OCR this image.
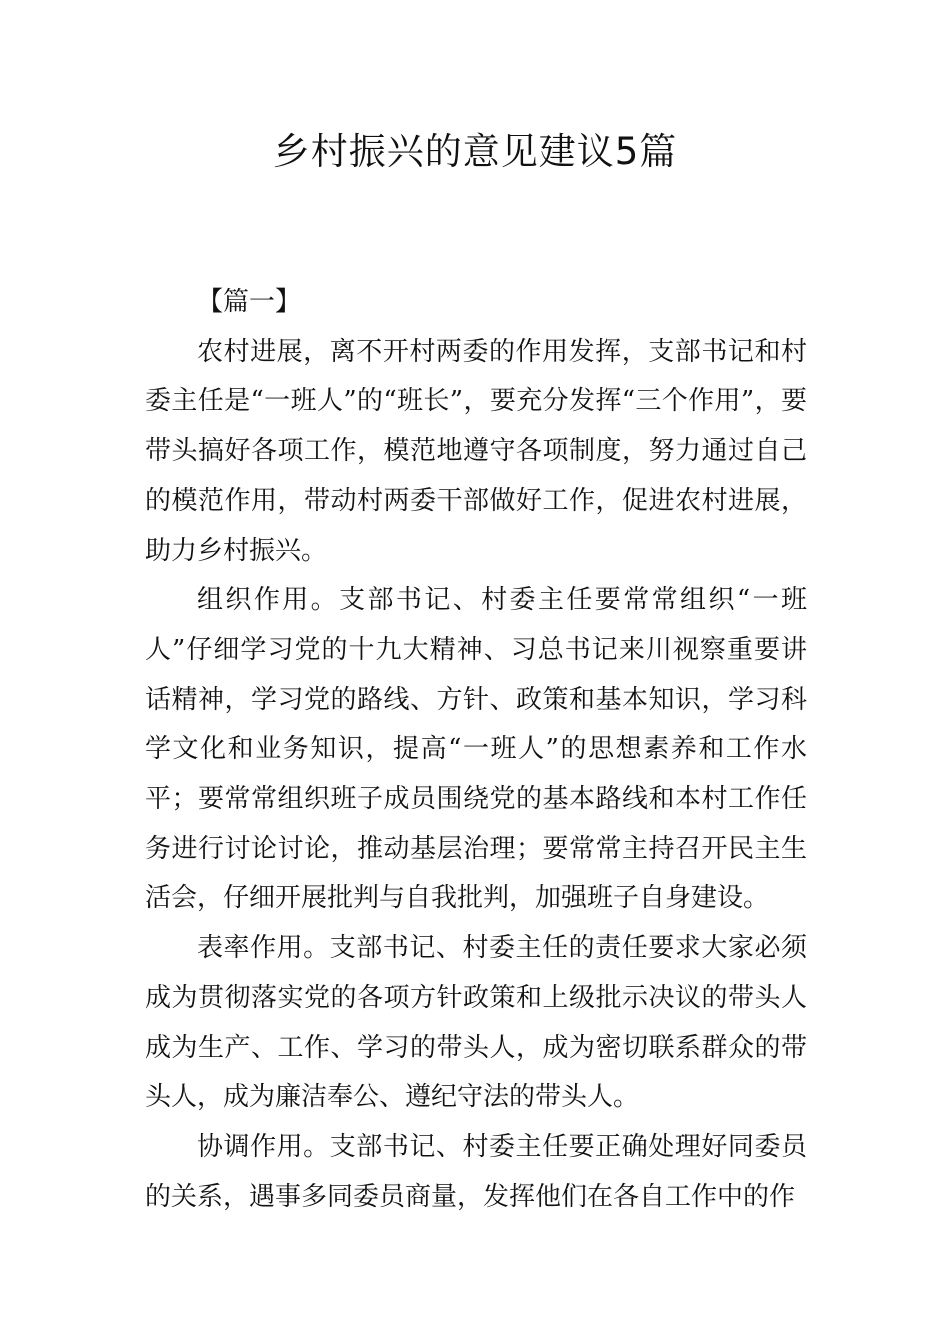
乡村振兴的意见建议5篇

【篇一】

农村进展，离不开村两委的作用发挥，支部书记和村委主任是“一班人”的“班长”，要充分发挥“三个作用”，要带头搞好各项工作，模范地遵守各项制度，努力通过自己的模范作用，带动村两委干部做好工作，促进农村进展，助力乡村振兴。

组织作用。支部书记、村委主任要常常组织“一班人”仔细学习党的十九大精神、习总书记来川视察重要讲话精神，学习党的路线、方针、政策和基本知识，学习科学文化和业务知识，提高“一班人”的思想素养和工作水平；要常常组织班子成员围绕党的基本路线和本村工作任务进行讨论讨论，推动基层治理；要常常主持召开民主生活会，仔细开展批判与自我批判，加强班子自身建设。

表率作用。支部书记、村委主任的责任要求大家必须成为贯彻落实党的各项方针政策和上级批示决议的带头人成为生产、工作、学习的带头人，成为密切联系群众的带头人，成为廉洁奉公、遵纪守法的带头人。

协调作用。支部书记、村委主任要正确处理好同委员的关系，遇事多同委员商量，发挥他们在各自工作中的作
